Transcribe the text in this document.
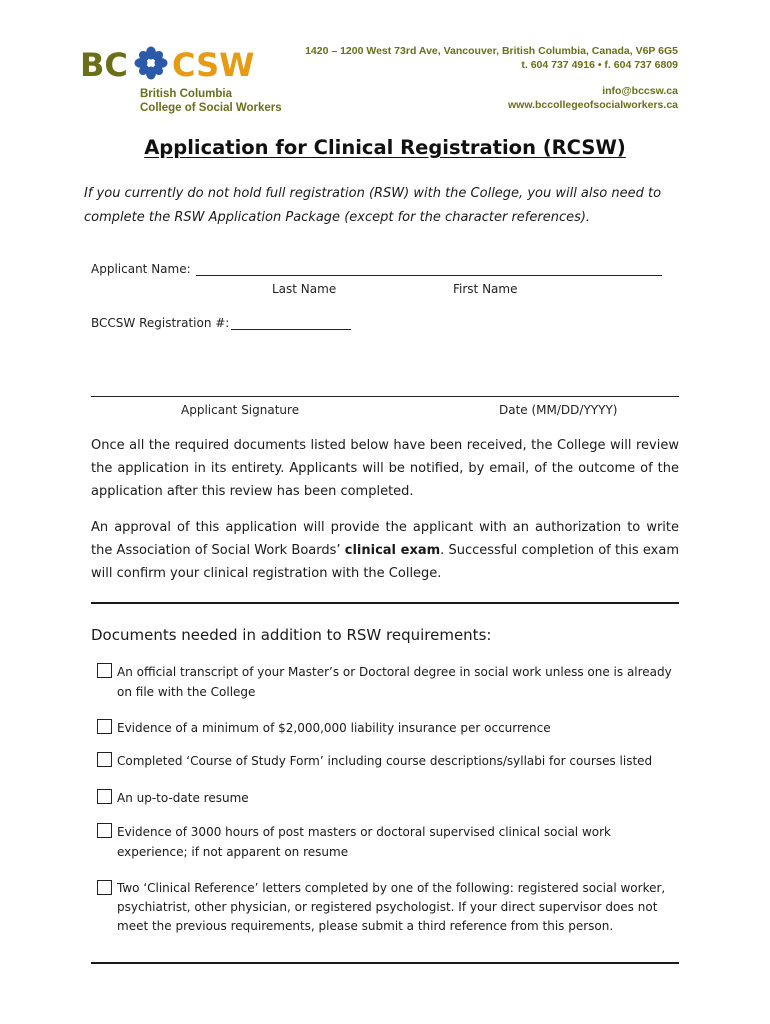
BC CSW
British Columbia
College of Social Workers
1420 – 1200 West 73rd Ave, Vancouver, British Columbia, Canada, V6P 6G5
t. 604 737 4916 • f. 604 737 6809
info@bccsw.ca
www.bccollegeofsocialworkers.ca
Application for Clinical Registration (RCSW)
If you currently do not hold full registration (RSW) with the College, you will also need to complete the RSW Application Package (except for the character references).
Applicant Name:
Last Name	First Name
BCCSW Registration #:
Applicant Signature	Date (MM/DD/YYYY)
Once all the required documents listed below have been received, the College will review the application in its entirety. Applicants will be notified, by email, of the outcome of the application after this review has been completed.
An approval of this application will provide the applicant with an authorization to write the Association of Social Work Boards’ clinical exam. Successful completion of this exam will confirm your clinical registration with the College.
Documents needed in addition to RSW requirements:
An official transcript of your Master’s or Doctoral degree in social work unless one is already on file with the College
Evidence of a minimum of $2,000,000 liability insurance per occurrence
Completed ‘Course of Study Form’ including course descriptions/syllabi for courses listed
An up-to-date resume
Evidence of 3000 hours of post masters or doctoral supervised clinical social work experience; if not apparent on resume
Two ‘Clinical Reference’ letters completed by one of the following: registered social worker, psychiatrist, other physician, or registered psychologist. If your direct supervisor does not meet the previous requirements, please submit a third reference from this person.
